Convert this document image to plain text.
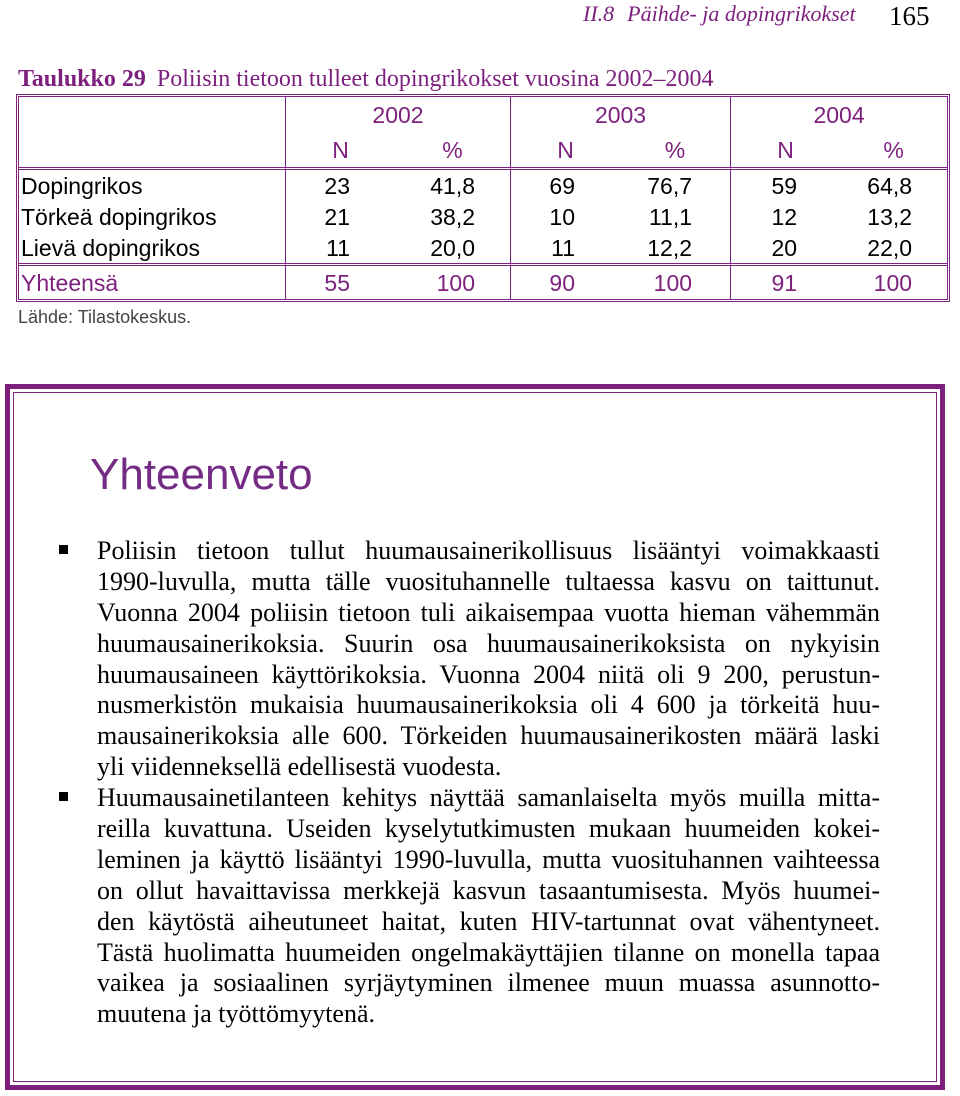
II.8 Päihde- ja dopingrikokset 165
Taulukko 29 Poliisin tietoon tulleet dopingrikokset vuosina 2002–2004
	2002		2003		2004	
	N	%	N	%	N	%
Dopingrikos	23	41,8	69	76,7	59	64,8
Törkeä dopingrikos	21	38,2	10	11,1	12	13,2
Lievä dopingrikos	11	20,0	11	12,2	20	22,0
Yhteensä	55	100	90	100	91	100
Lähde: Tilastokeskus.
Yhteenveto
Poliisin tietoon tullut huumausainerikollisuus lisääntyi voimakkaasti
1990-luvulla, mutta tälle vuosituhannelle tultaessa kasvu on taittunut.
Vuonna 2004 poliisin tietoon tuli aikaisempaa vuotta hieman vähemmän
huumausainerikoksia. Suurin osa huumausainerikoksista on nykyisin
huumausaineen käyttörikoksia. Vuonna 2004 niitä oli 9 200, perustun-
nusmerkistön mukaisia huumausainerikoksia oli 4 600 ja törkeitä huu-
mausainerikoksia alle 600. Törkeiden huumausainerikosten määrä laski
yli viidenneksellä edellisestä vuodesta.
Huumausainetilanteen kehitys näyttää samanlaiselta myös muilla mitta-
reilla kuvattuna. Useiden kyselytutkimusten mukaan huumeiden kokei-
leminen ja käyttö lisääntyi 1990-luvulla, mutta vuosituhannen vaihteessa
on ollut havaittavissa merkkejä kasvun tasaantumisesta. Myös huumei-
den käytöstä aiheutuneet haitat, kuten HIV-tartunnat ovat vähentyneet.
Tästä huolimatta huumeiden ongelmakäyttäjien tilanne on monella tapaa
vaikea ja sosiaalinen syrjäytyminen ilmenee muun muassa asunnotto-
muutena ja työttömyytenä.
